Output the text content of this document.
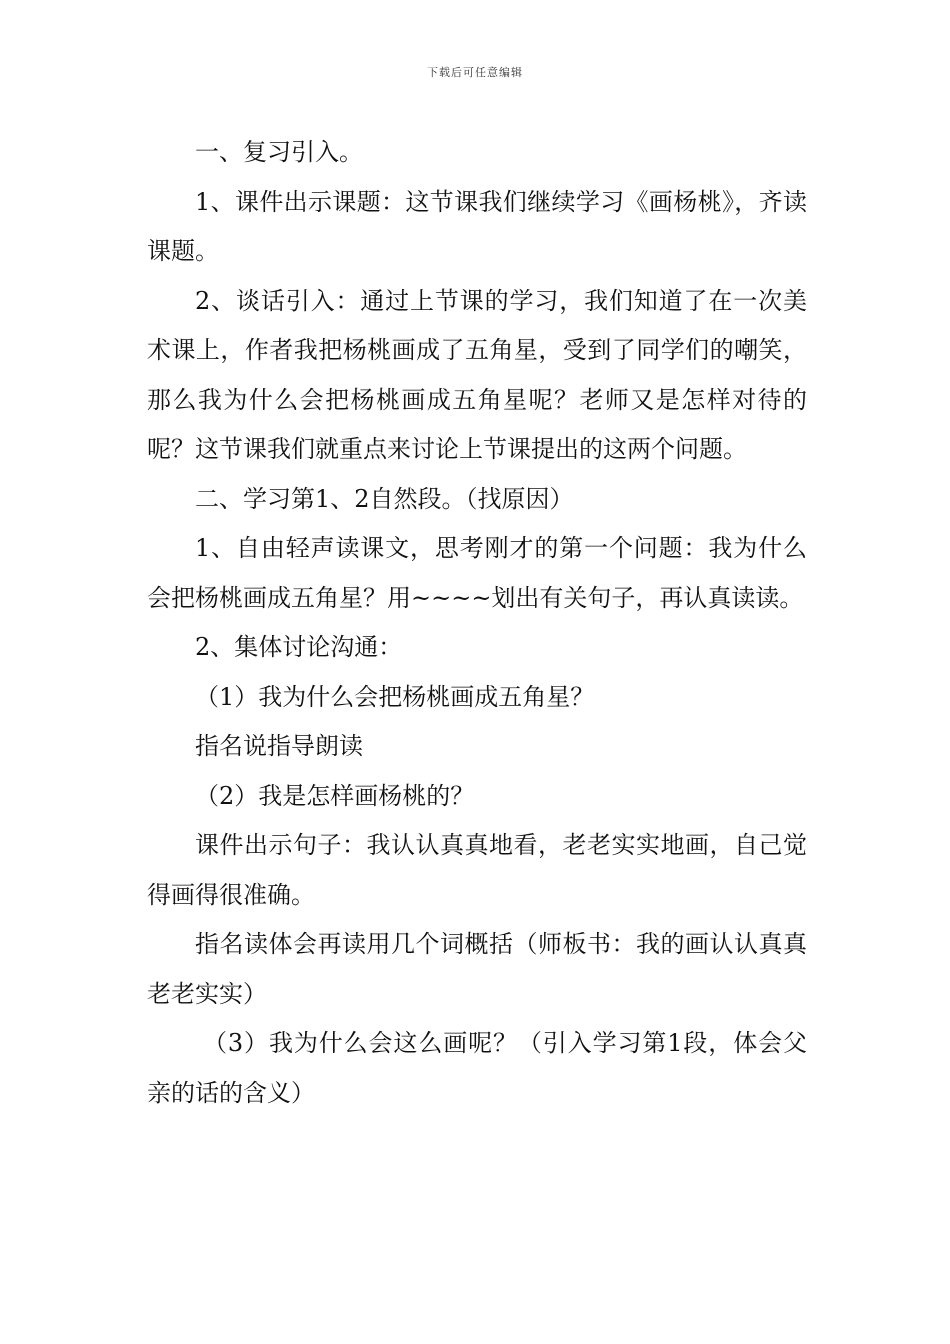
下载后可任意编辑

一、复习引入。

1、课件出示课题：这节课我们继续学习《画杨桃》，齐读课题。

2、谈话引入：通过上节课的学习，我们知道了在一次美术课上，作者我把杨桃画成了五角星，受到了同学们的嘲笑，那么我为什么会把杨桃画成五角星呢？老师又是怎样对待的呢？这节课我们就重点来讨论上节课提出的这两个问题。

二、学习第1、2自然段。（找原因）

1、自由轻声读课文，思考刚才的第一个问题：我为什么会把杨桃画成五角星？用~~~~划出有关句子，再认真读读。

2、集体讨论沟通：

（1）我为什么会把杨桃画成五角星？

指名说指导朗读

（2）我是怎样画杨桃的？

课件出示句子：我认认真真地看，老老实实地画，自己觉得画得很准确。

指名读体会再读用几个词概括（师板书：我的画认认真真老老实实）

（3）我为什么会这么画呢？（引入学习第1段，体会父亲的话的含义）
